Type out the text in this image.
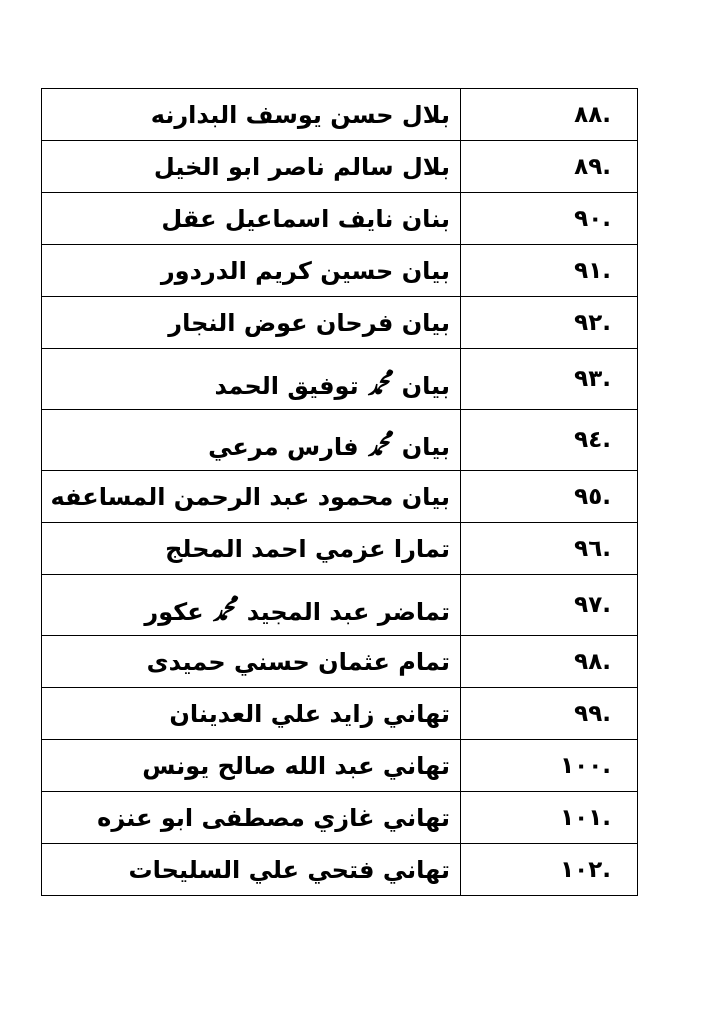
.٨٨	بلال حسن يوسف البدارنه
.٨٩	بلال سالم ناصر ابو الخيل
.٩٠	بنان نايف اسماعيل عقل
.٩١	بيان حسين كريم الدردور
.٩٢	بيان فرحان عوض النجار
.٩٣	بيان ﷴ توفيق الحمد
.٩٤	بيان ﷴ فارس مرعي
.٩٥	بيان محمود عبد الرحمن المساعفه
.٩٦	تمارا عزمي احمد المحلج
.٩٧	تماضر عبد المجيد ﷴ عكور
.٩٨	تمام عثمان حسني حميدى
.٩٩	تهاني زايد علي العدينان
.١٠٠	تهاني عبد الله صالح يونس
.١٠١	تهاني غازي مصطفى ابو عنزه
.١٠٢	تهاني فتحي علي السليحات
